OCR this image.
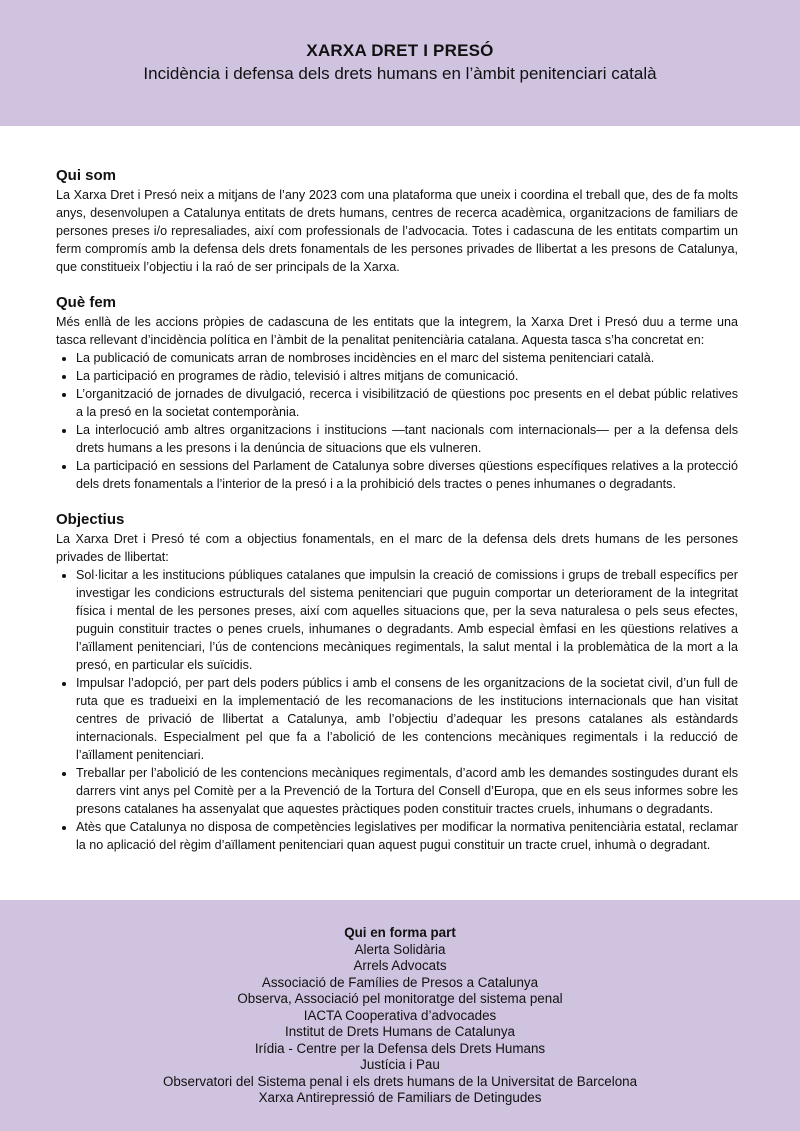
XARXA DRET I PRESÓ
Incidència i defensa dels drets humans en l’àmbit penitenciari català
Qui som

La Xarxa Dret i Presó neix a mitjans de l’any 2023 com una plataforma que uneix i coordina el treball que, des de fa molts anys, desenvolupen a Catalunya entitats de drets humans, centres de recerca acadèmica, organitzacions de familiars de persones preses i/o represaliades, així com professionals de l’advocacia. Totes i cadascuna de les entitats compartim un ferm compromís amb la defensa dels drets fonamentals de les persones privades de llibertat a les presons de Catalunya, que constitueix l’objectiu i la raó de ser principals de la Xarxa.

Què fem

Més enllà de les accions pròpies de cadascuna de les entitats que la integrem, la Xarxa Dret i Presó duu a terme una tasca rellevant d’incidència política en l’àmbit de la penalitat penitenciària catalana. Aquesta tasca s’ha concretat en:

• La publicació de comunicats arran de nombroses incidències en el marc del sistema penitenciari català.
• La participació en programes de ràdio, televisió i altres mitjans de comunicació.
• L’organització de jornades de divulgació, recerca i visibilització de qüestions poc presents en el debat públic relatives a la presó en la societat contemporània.
• La interlocució amb altres organitzacions i institucions —tant nacionals com internacionals— per a la defensa dels drets humans a les presons i la denúncia de situacions que els vulneren.
• La participació en sessions del Parlament de Catalunya sobre diverses qüestions específiques relatives a la protecció dels drets fonamentals a l’interior de la presó i a la prohibició dels tractes o penes inhumanes o degradants.
Objectius

La Xarxa Dret i Presó té com a objectius fonamentals, en el marc de la defensa dels drets humans de les persones privades de llibertat:

• Sol·licitar a les institucions públiques catalanes que impulsin la creació de comissions i grups de treball específics per investigar les condicions estructurals del sistema penitenciari que puguin comportar un deteriorament de la integritat física i mental de les persones preses, així com aquelles situacions que, per la seva naturalesa o pels seus efectes, puguin constituir tractes o penes cruels, inhumanes o degradants. Amb especial èmfasi en les qüestions relatives a l’aïllament penitenciari, l’ús de contencions mecàniques regimentals, la salut mental i la problemàtica de la mort a la presó, en particular els suïcidis.
• Impulsar l’adopció, per part dels poders públics i amb el consens de les organitzacions de la societat civil, d’un full de ruta que es tradueixi en la implementació de les recomanacions de les institucions internacionals que han visitat centres de privació de llibertat a Catalunya, amb l’objectiu d’adequar les presons catalanes als estàndards internacionals. Especialment pel que fa a l’abolició de les contencions mecàniques regimentals i la reducció de l’aïllament penitenciari.
• Treballar per l’abolició de les contencions mecàniques regimentals, d’acord amb les demandes sostingudes durant els darrers vint anys pel Comitè per a la Prevenció de la Tortura del Consell d’Europa, que en els seus informes sobre les presons catalanes ha assenyalat que aquestes pràctiques poden constituir tractes cruels, inhumans o degradants.
• Atès que Catalunya no disposa de competències legislatives per modificar la normativa penitenciària estatal, reclamar la no aplicació del règim d’aïllament penitenciari quan aquest pugui constituir un tracte cruel, inhumà o degradant.
Qui en forma part
Alerta Solidària
Arrels Advocats
Associació de Famílies de Presos a Catalunya
Observa, Associació pel monitoratge del sistema penal
IACTA Cooperativa d’advocades
Institut de Drets Humans de Catalunya
Irídia - Centre per la Defensa dels Drets Humans
Justícia i Pau
Observatori del Sistema penal i els drets humans de la Universitat de Barcelona
Xarxa Antirepressió de Familiars de Detingudes
